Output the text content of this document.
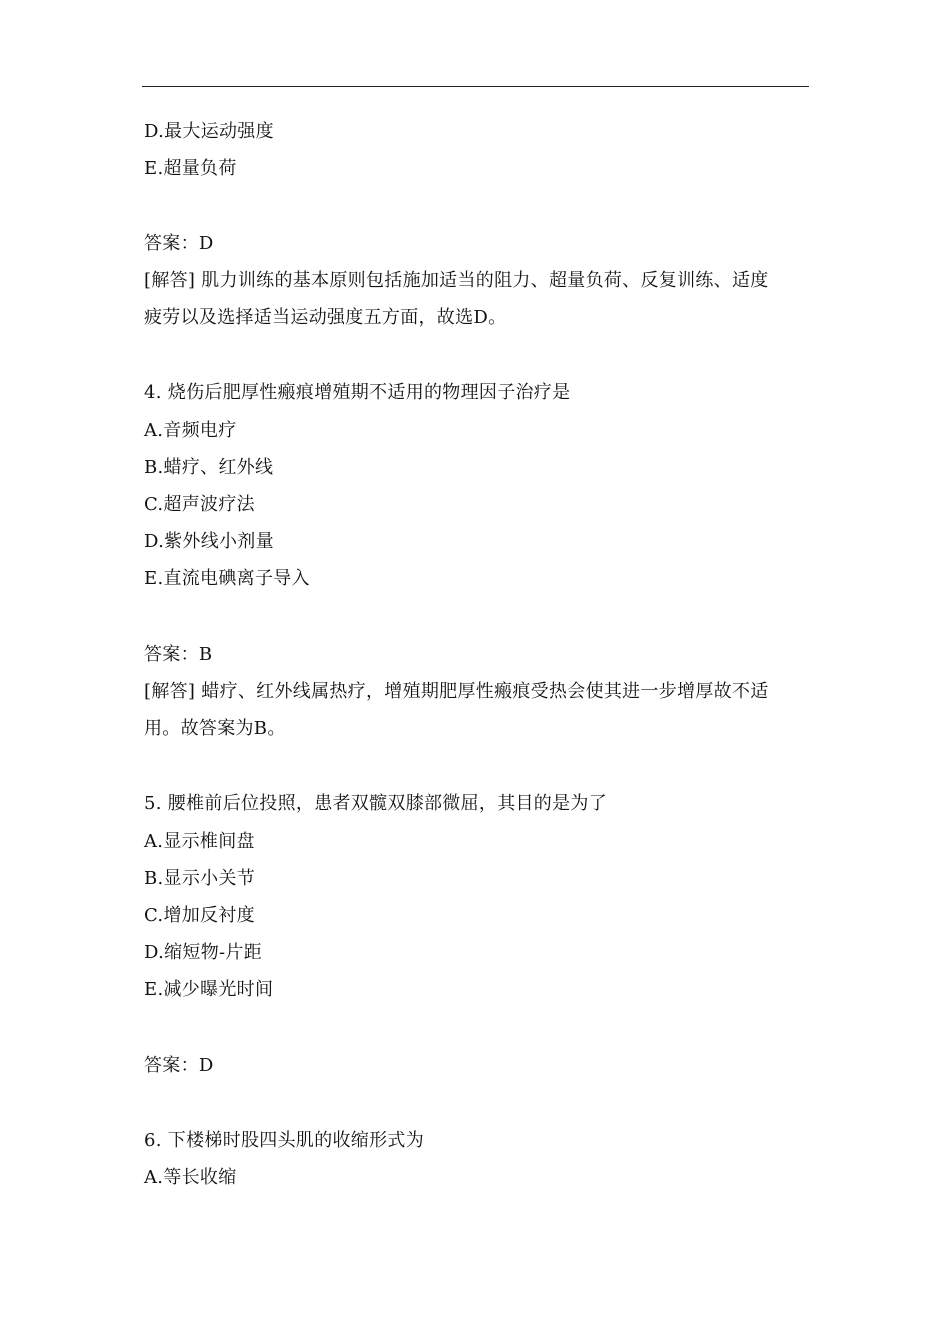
D.最大运动强度
E.超量负荷
答案：D
[解答] 肌力训练的基本原则包括施加适当的阻力、超量负荷、反复训练、适度
疲劳以及选择适当运动强度五方面，故选D。
4. 烧伤后肥厚性瘢痕增殖期不适用的物理因子治疗是
A.音频电疗
B.蜡疗、红外线
C.超声波疗法
D.紫外线小剂量
E.直流电碘离子导入
答案：B
[解答] 蜡疗、红外线属热疗，增殖期肥厚性瘢痕受热会使其进一步增厚故不适
用。故答案为B。
5. 腰椎前后位投照，患者双髋双膝部微屈，其目的是为了
A.显示椎间盘
B.显示小关节
C.增加反衬度
D.缩短物-片距
E.减少曝光时间
答案：D
6. 下楼梯时股四头肌的收缩形式为
A.等长收缩
